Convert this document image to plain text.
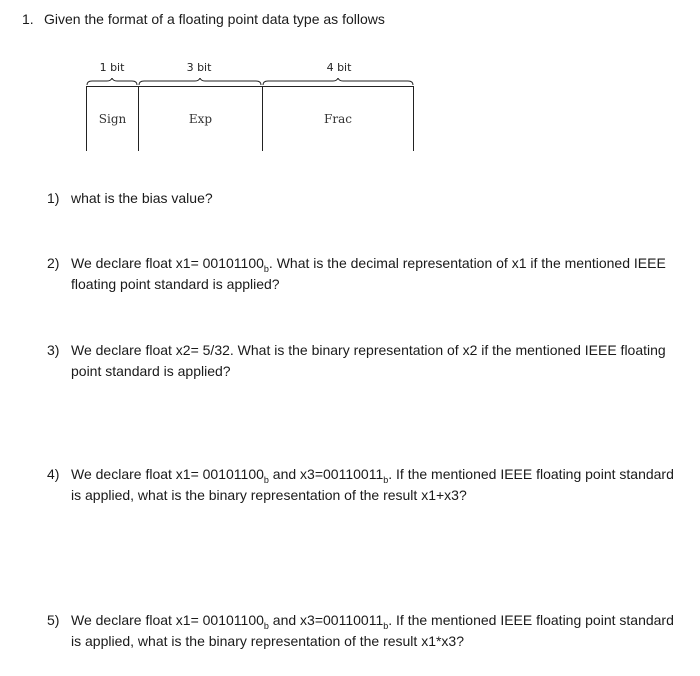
1. Given the format of a floating point data type as follows
1 bit	3 bit	4 bit
Sign	Exp	Frac
1) what is the bias value?
2) We declare float $x1= 00101100_b$. What is the decimal representation of x1 if the mentioned IEEE floating point standard is applied?
3) We declare float x2= 5/32. What is the binary representation of x2 if the mentioned IEEE floating point standard is applied?
4) We declare float $x1= 00101100_b$ and $x3=00110011_b$. If the mentioned IEEE floating point standard is applied, what is the binary representation of the result x1+x3?
5) We declare float $x1= 00101100_b$ and $x3=00110011_b$. If the mentioned IEEE floating point standard is applied, what is the binary representation of the result x1*x3?
